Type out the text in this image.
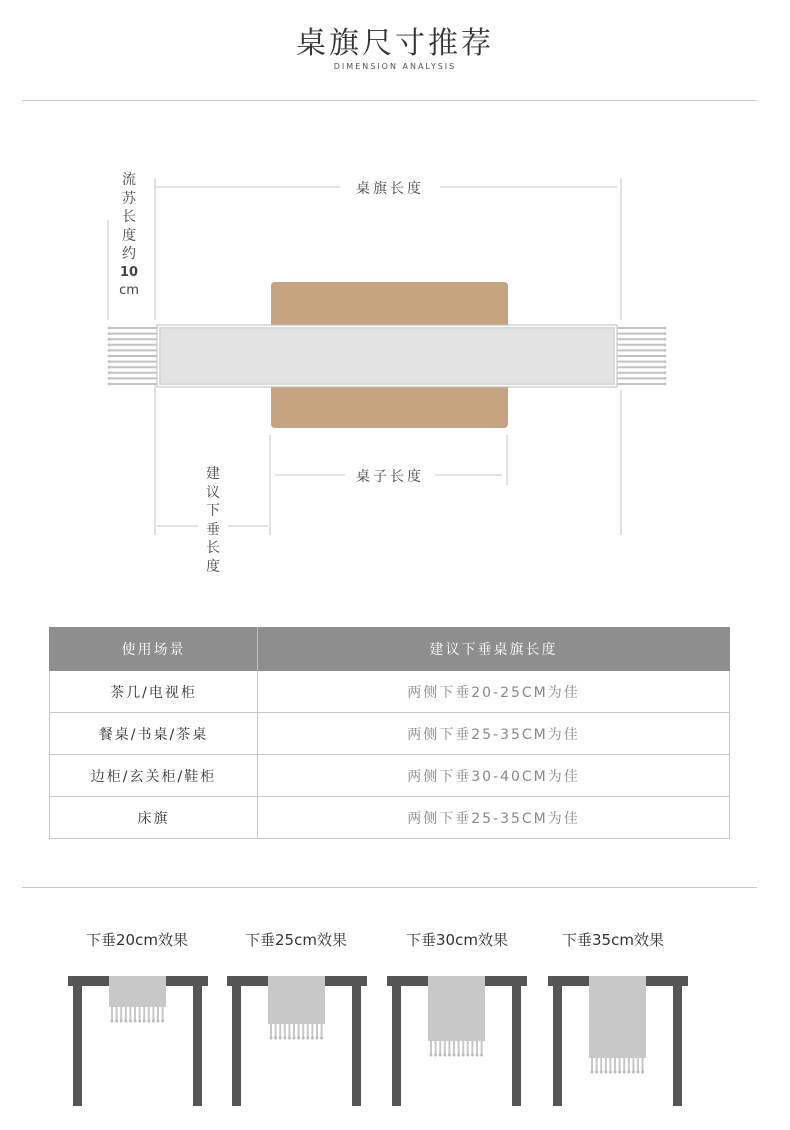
桌旗尺寸推荐
DIMENSION ANALYSIS
流
苏
长
度
约
10
cm
桌旗长度
桌子长度
建
议
下
垂
长
度
使用场景	建议下垂桌旗长度
茶几/电视柜	两侧下垂20-25CM为佳
餐桌/书桌/茶桌	两侧下垂25-35CM为佳
边柜/玄关柜/鞋柜	两侧下垂30-40CM为佳
床旗	两侧下垂25-35CM为佳
下垂20cm效果	下垂25cm效果	下垂30cm效果	下垂35cm效果
